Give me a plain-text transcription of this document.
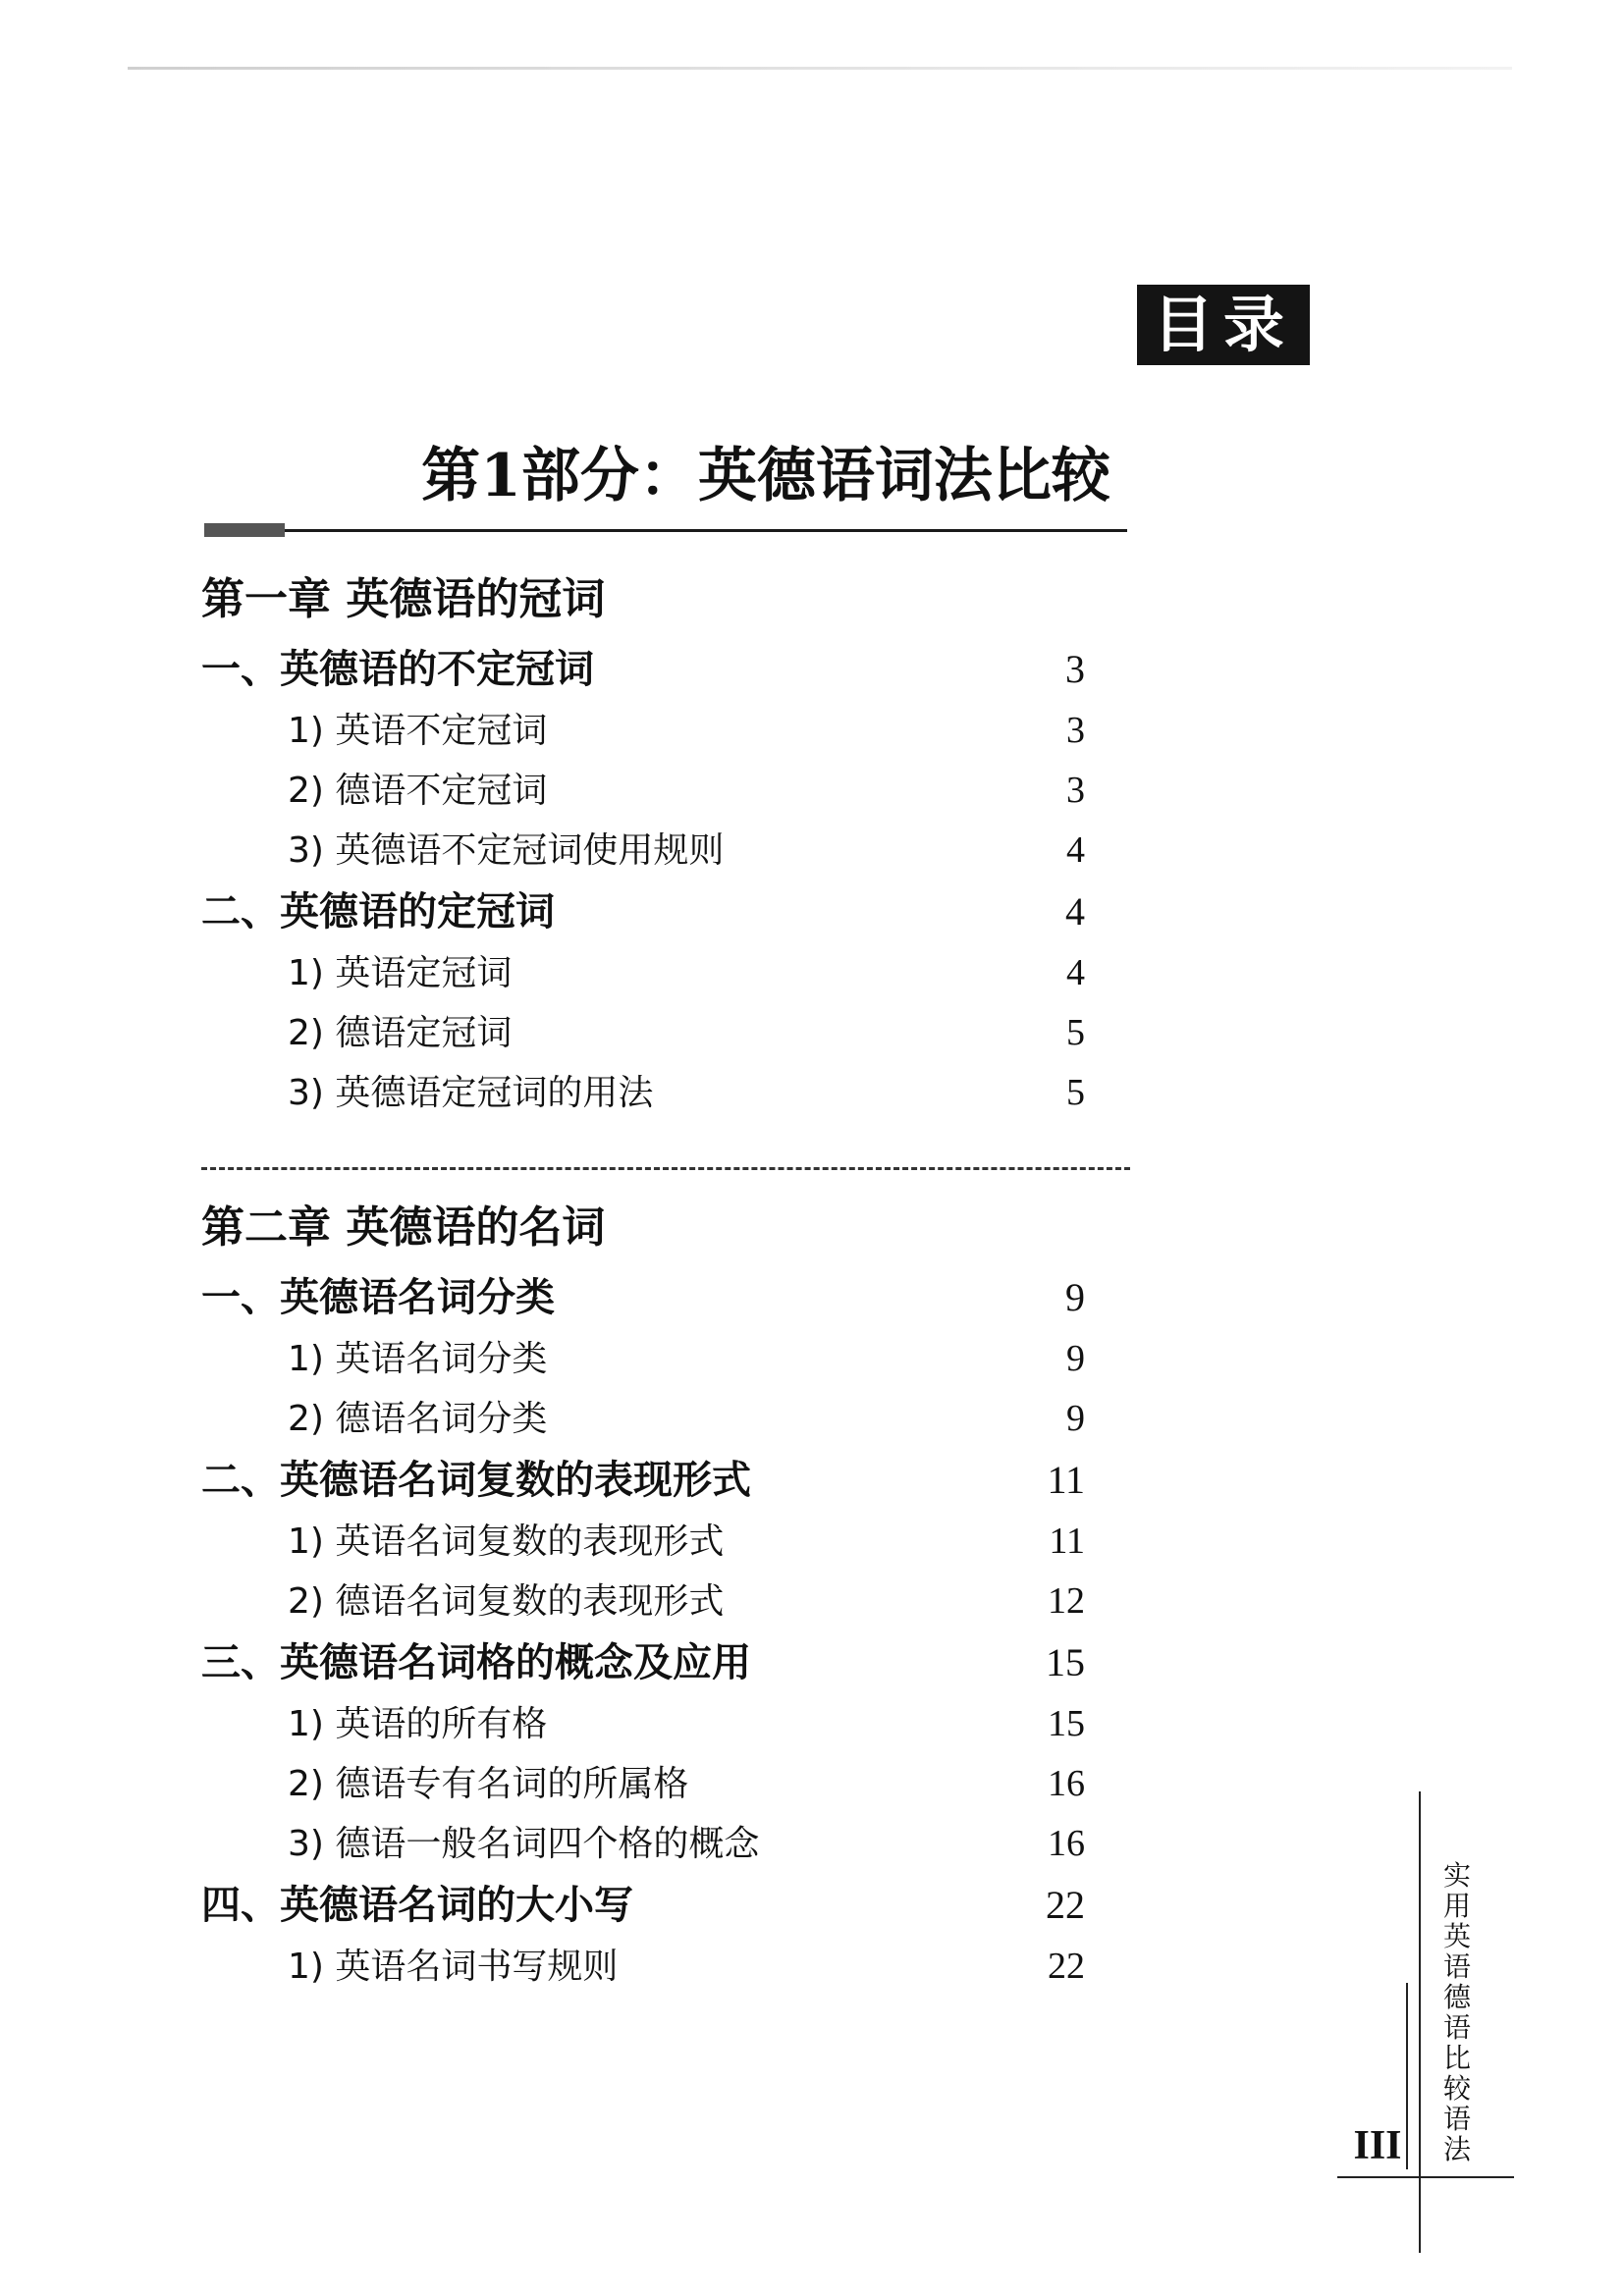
目录
第1部分：英德语词法比较
第一章 英德语的冠词
一、英德语的不定冠词	3
1) 英语不定冠词	3
2) 德语不定冠词	3
3) 英德语不定冠词使用规则	4
二、英德语的定冠词	4
1) 英语定冠词	4
2) 德语定冠词	5
3) 英德语定冠词的用法	5
第二章 英德语的名词
一、英德语名词分类	9
1) 英语名词分类	9
2) 德语名词分类	9
二、英德语名词复数的表现形式	11
1) 英语名词复数的表现形式	11
2) 德语名词复数的表现形式	12
三、英德语名词格的概念及应用	15
1) 英语的所有格	15
2) 德语专有名词的所属格	16
3) 德语一般名词四个格的概念	16
四、英德语名词的大小写	22
1) 英语名词书写规则	22
实用英语德语比较语法
III
